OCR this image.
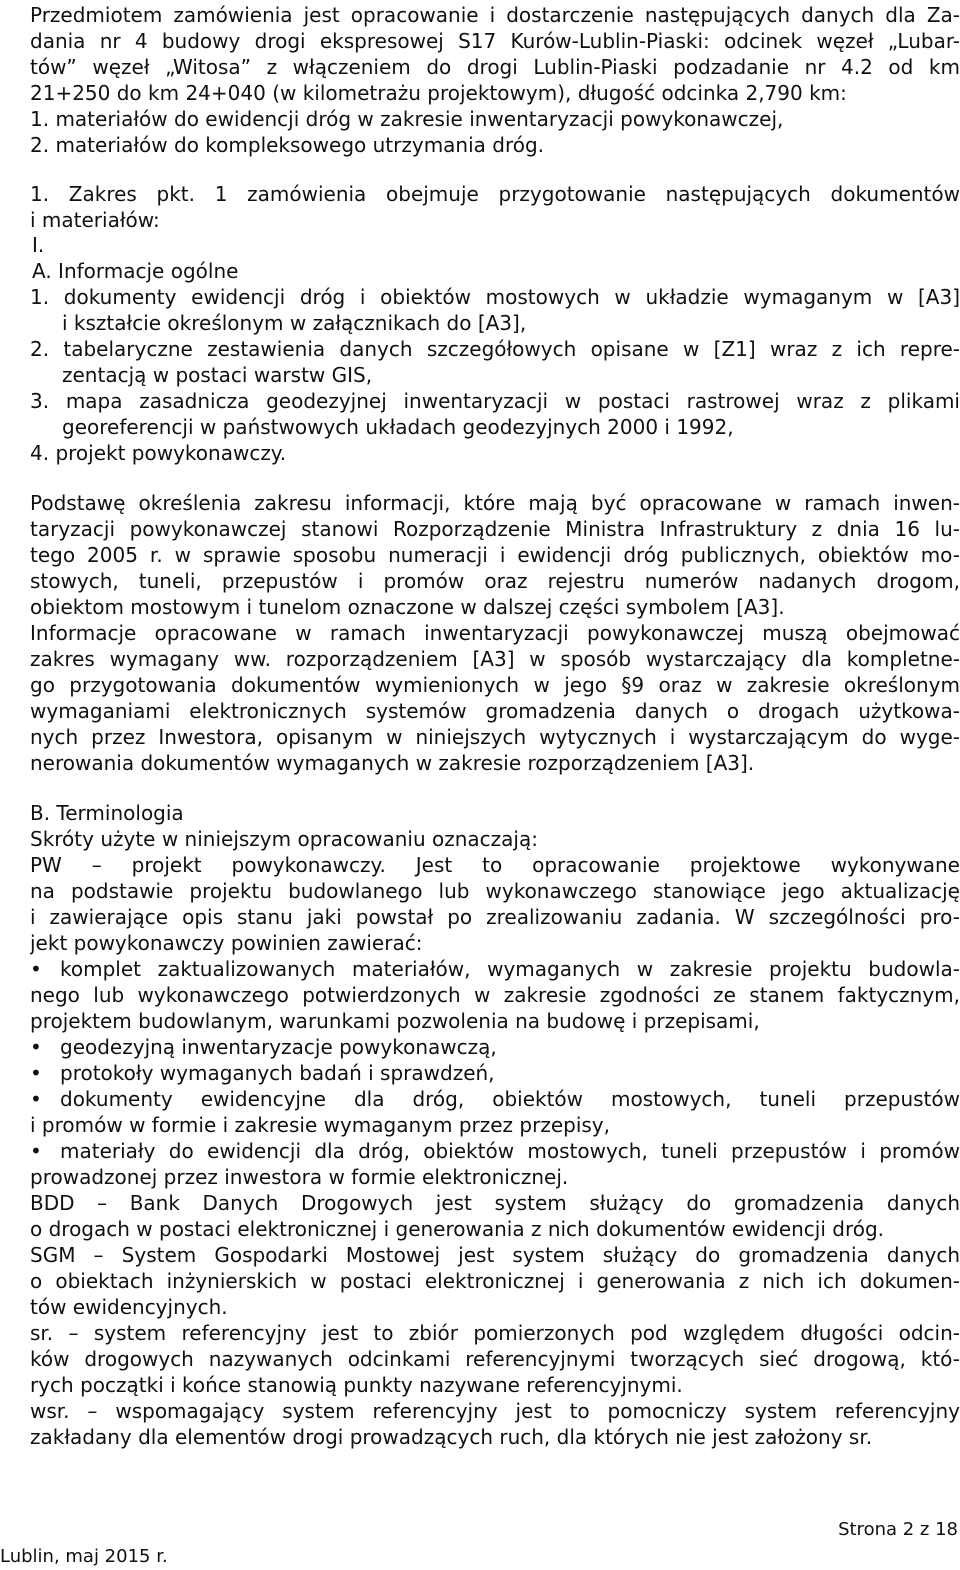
Przedmiotem zamówienia jest opracowanie i dostarczenie następujących danych dla Za-

dania nr 4 budowy drogi ekspresowej S17 Kurów-Lublin-Piaski: odcinek węzeł „Lubar-

tów” węzeł „Witosa” z włączeniem do drogi Lublin-Piaski podzadanie nr 4.2 od km

21+250 do km 24+040 (w kilometrażu projektowym), długość odcinka 2,790 km:

1. materiałów do ewidencji dróg w zakresie inwentaryzacji powykonawczej,

2. materiałów do kompleksowego utrzymania dróg.

1. Zakres pkt. 1 zamówienia obejmuje przygotowanie następujących dokumentów

i materiałów:

I.

A. Informacje ogólne

1. dokumenty ewidencji dróg i obiektów mostowych w układzie wymaganym w [A3]

i kształcie określonym w załącznikach do [A3],

2. tabelaryczne zestawienia danych szczegółowych opisane w [Z1] wraz z ich repre-

zentacją w postaci warstw GIS,

3. mapa zasadnicza geodezyjnej inwentaryzacji w postaci rastrowej wraz z plikami

georeferencji w państwowych układach geodezyjnych 2000 i 1992,

4. projekt powykonawczy.

Podstawę określenia zakresu informacji, które mają być opracowane w ramach inwen-

taryzacji powykonawczej stanowi Rozporządzenie Ministra Infrastruktury z dnia 16 lu-

tego 2005 r. w sprawie sposobu numeracji i ewidencji dróg publicznych, obiektów mo-

stowych, tuneli, przepustów i promów oraz rejestru numerów nadanych drogom,

obiektom mostowym i tunelom oznaczone w dalszej części symbolem [A3].

Informacje opracowane w ramach inwentaryzacji powykonawczej muszą obejmować

zakres wymagany ww. rozporządzeniem [A3] w sposób wystarczający dla kompletne-

go przygotowania dokumentów wymienionych w jego §9 oraz w zakresie określonym

wymaganiami elektronicznych systemów gromadzenia danych o drogach użytkowa-

nych przez Inwestora, opisanym w niniejszych wytycznych i wystarczającym do wyge-

nerowania dokumentów wymaganych w zakresie rozporządzeniem [A3].

B. Terminologia

Skróty użyte w niniejszym opracowaniu oznaczają:

PW – projekt powykonawczy. Jest to opracowanie projektowe wykonywane

na podstawie projektu budowlanego lub wykonawczego stanowiące jego aktualizację

i zawierające opis stanu jaki powstał po zrealizowaniu zadania. W szczególności pro-

jekt powykonawczy powinien zawierać:

• komplet zaktualizowanych materiałów, wymaganych w zakresie projektu budowla-

nego lub wykonawczego potwierdzonych w zakresie zgodności ze stanem faktycznym,

projektem budowlanym, warunkami pozwolenia na budowę i przepisami,

• geodezyjną inwentaryzacje powykonawczą,

• protokoły wymaganych badań i sprawdzeń,

• dokumenty ewidencyjne dla dróg, obiektów mostowych, tuneli przepustów

i promów w formie i zakresie wymaganym przez przepisy,

• materiały do ewidencji dla dróg, obiektów mostowych, tuneli przepustów i promów

prowadzonej przez inwestora w formie elektronicznej.

BDD – Bank Danych Drogowych jest system służący do gromadzenia danych

o drogach w postaci elektronicznej i generowania z nich dokumentów ewidencji dróg.

SGM – System Gospodarki Mostowej jest system służący do gromadzenia danych

o obiektach inżynierskich w postaci elektronicznej i generowania z nich ich dokumen-

tów ewidencyjnych.

sr. – system referencyjny jest to zbiór pomierzonych pod względem długości odcin-

ków drogowych nazywanych odcinkami referencyjnymi tworzących sieć drogową, któ-

rych początki i końce stanowią punkty nazywane referencyjnymi.

wsr. – wspomagający system referencyjny jest to pomocniczy system referencyjny

zakładany dla elementów drogi prowadzących ruch, dla których nie jest założony sr.

Strona 2 z 18
Lublin, maj 2015 r.
